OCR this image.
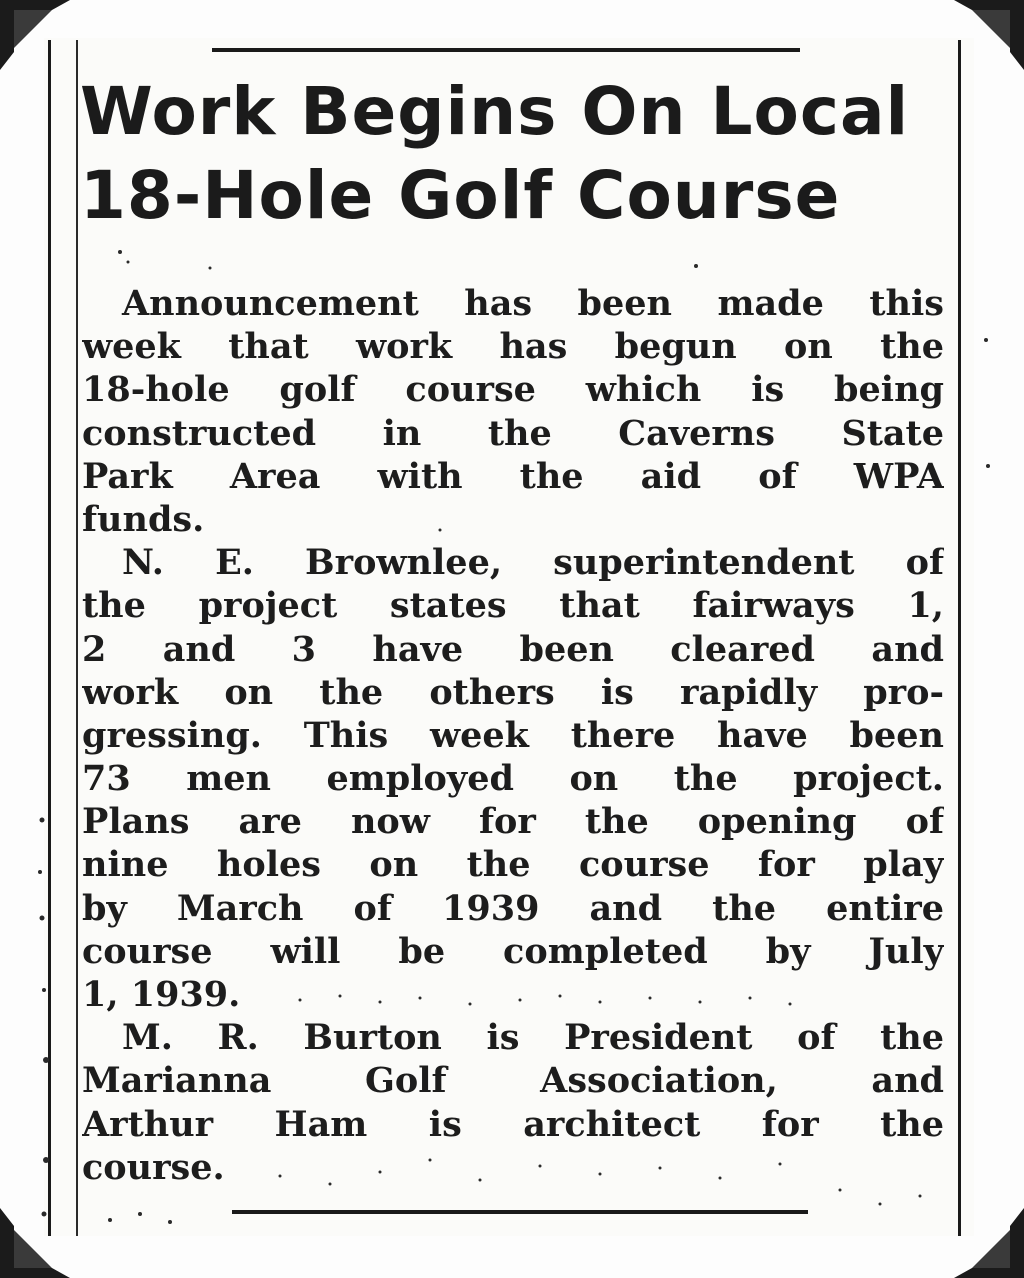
Work Begins On Local
18-Hole Golf Course
Announcement has been made this
week that work has begun on the
18-hole golf course which is being
constructed in the Caverns State
Park Area with the aid of WPA
funds.
N. E. Brownlee, superintendent of
the project states that fairways 1,
2 and 3 have been cleared and
work on the others is rapidly pro-
gressing. This week there have been
73 men employed on the project.
Plans are now for the opening of
nine holes on the course for play
by March of 1939 and the entire
course will be completed by July
1, 1939.
M. R. Burton is President of the
Marianna Golf Association, and
Arthur Ham is architect for the
course.
